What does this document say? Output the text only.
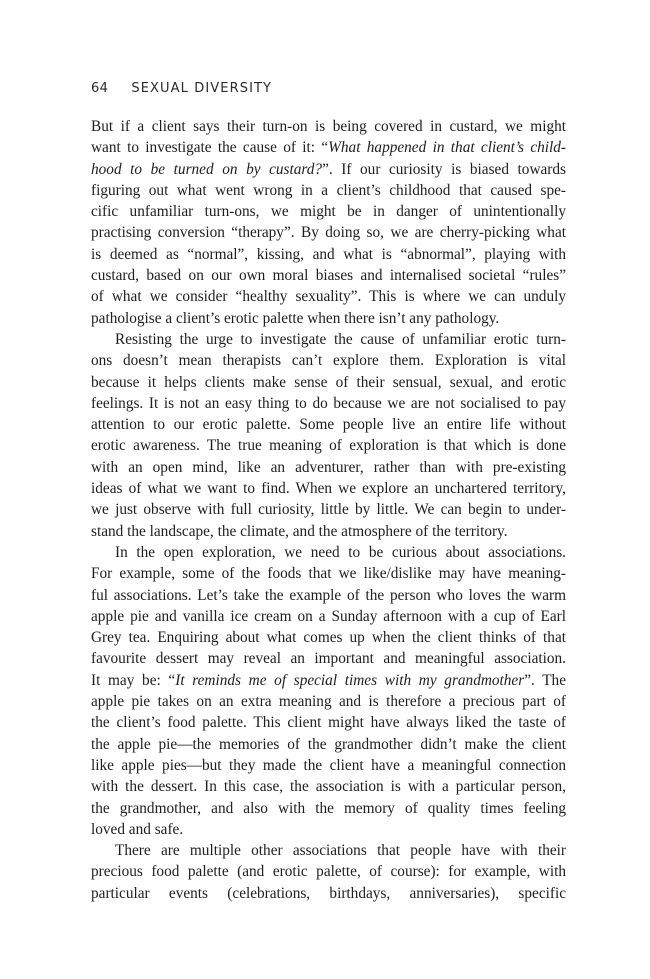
64 SEXUAL DIVERSITY

But if a client says their turn-on is being covered in custard, we might
want to investigate the cause of it: “What happened in that client’s child-
hood to be turned on by custard?”. If our curiosity is biased towards
figuring out what went wrong in a client’s childhood that caused spe-
cific unfamiliar turn-ons, we might be in danger of unintentionally
practising conversion “therapy”. By doing so, we are cherry-picking what
is deemed as “normal”, kissing, and what is “abnormal”, playing with
custard, based on our own moral biases and internalised societal “rules”
of what we consider “healthy sexuality”. This is where we can unduly
pathologise a client’s erotic palette when there isn’t any pathology.

Resisting the urge to investigate the cause of unfamiliar erotic turn-
ons doesn’t mean therapists can’t explore them. Exploration is vital
because it helps clients make sense of their sensual, sexual, and erotic
feelings. It is not an easy thing to do because we are not socialised to pay
attention to our erotic palette. Some people live an entire life without
erotic awareness. The true meaning of exploration is that which is done
with an open mind, like an adventurer, rather than with pre-existing
ideas of what we want to find. When we explore an unchartered territory,
we just observe with full curiosity, little by little. We can begin to under-
stand the landscape, the climate, and the atmosphere of the territory.

In the open exploration, we need to be curious about associations.
For example, some of the foods that we like/dislike may have meaning-
ful associations. Let’s take the example of the person who loves the warm
apple pie and vanilla ice cream on a Sunday afternoon with a cup of Earl
Grey tea. Enquiring about what comes up when the client thinks of that
favourite dessert may reveal an important and meaningful association.
It may be: “It reminds me of special times with my grandmother”. The
apple pie takes on an extra meaning and is therefore a precious part of
the client’s food palette. This client might have always liked the taste of
the apple pie—the memories of the grandmother didn’t make the client
like apple pies—but they made the client have a meaningful connection
with the dessert. In this case, the association is with a particular person,
the grandmother, and also with the memory of quality times feeling
loved and safe.

There are multiple other associations that people have with their
precious food palette (and erotic palette, of course): for example, with
particular events (celebrations, birthdays, anniversaries), specific
